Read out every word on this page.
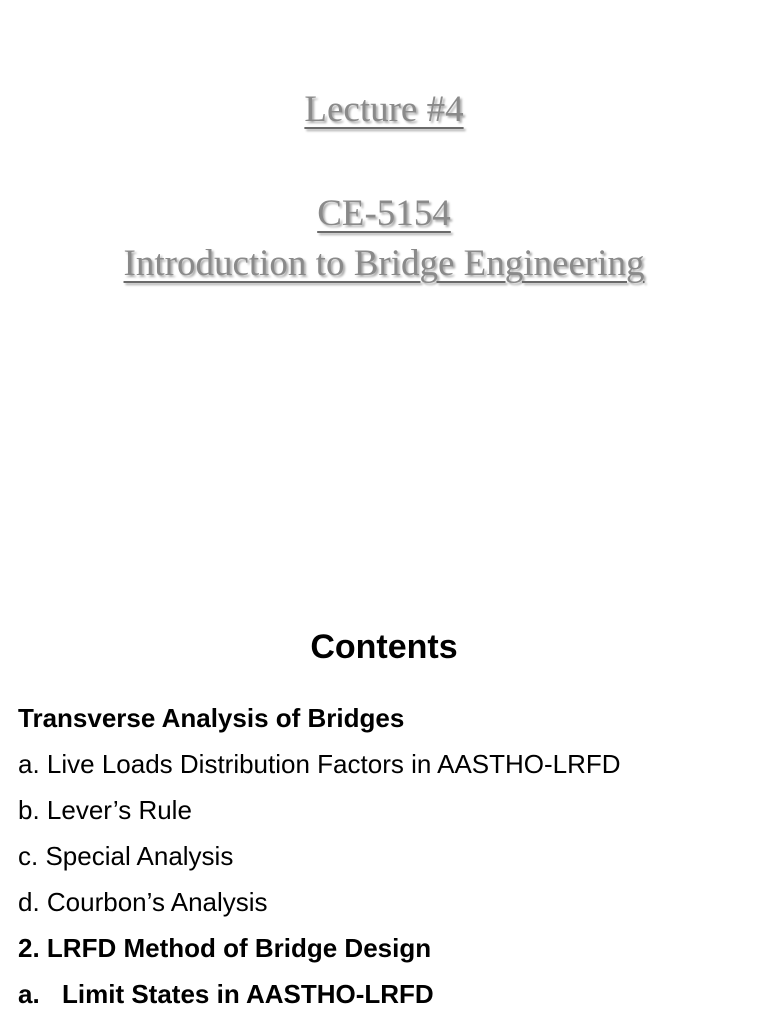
Lecture #4
CE-5154
Introduction to Bridge Engineering
Contents
Transverse Analysis of Bridges
a. Live Loads Distribution Factors in AASTHO-LRFD
b. Lever’s Rule
c. Special Analysis
d. Courbon’s Analysis
2. LRFD Method of Bridge Design
a. Limit States in AASTHO-LRFD
